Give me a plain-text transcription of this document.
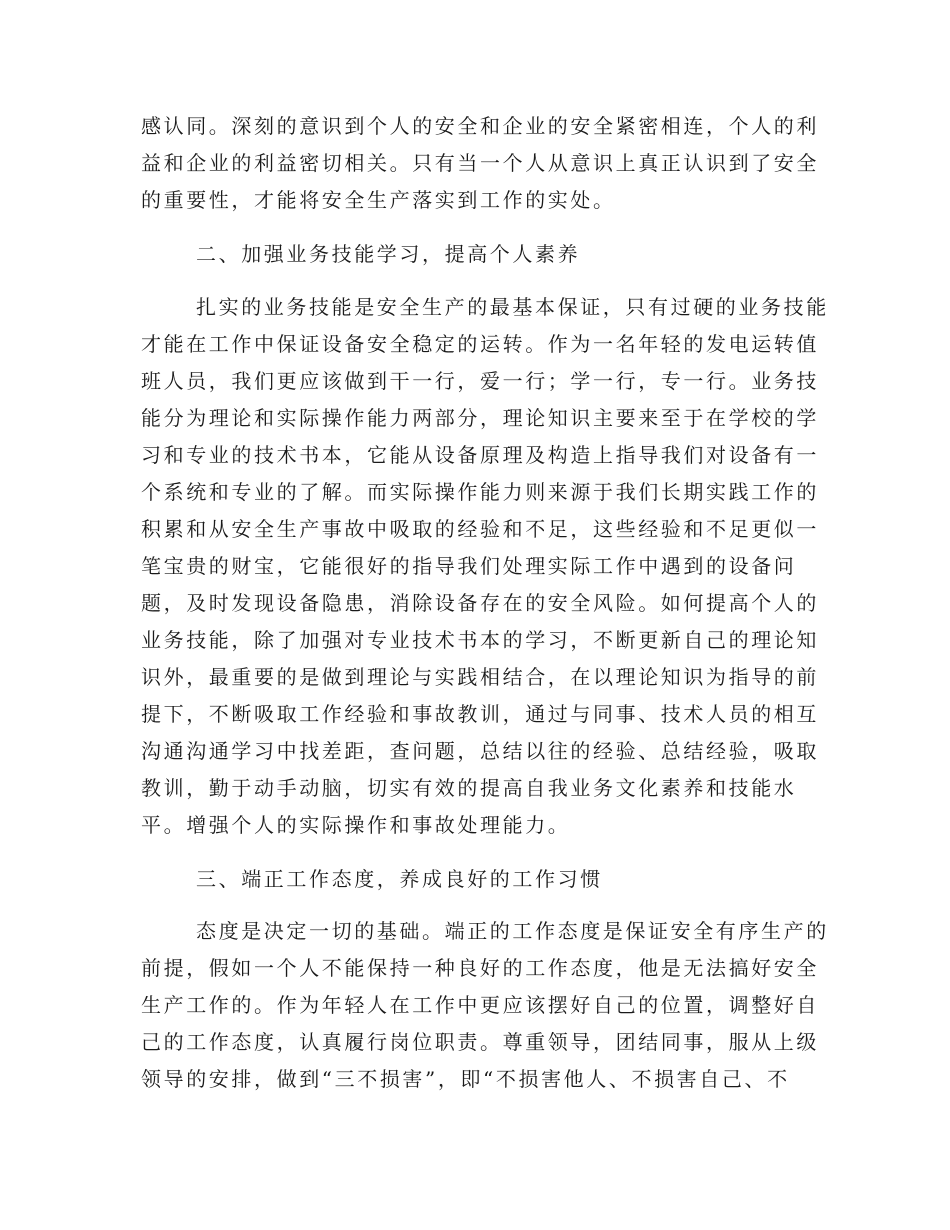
感认同。深刻的意识到个人的安全和企业的安全紧密相连，个人的利
益和企业的利益密切相关。只有当一个人从意识上真正认识到了安全
的重要性，才能将安全生产落实到工作的实处。
二、加强业务技能学习，提高个人素养
扎实的业务技能是安全生产的最基本保证，只有过硬的业务技能
才能在工作中保证设备安全稳定的运转。作为一名年轻的发电运转值
班人员，我们更应该做到干一行，爱一行；学一行，专一行。业务技
能分为理论和实际操作能力两部分，理论知识主要来至于在学校的学
习和专业的技术书本，它能从设备原理及构造上指导我们对设备有一
个系统和专业的了解。而实际操作能力则来源于我们长期实践工作的
积累和从安全生产事故中吸取的经验和不足，这些经验和不足更似一
笔宝贵的财宝，它能很好的指导我们处理实际工作中遇到的设备问
题，及时发现设备隐患，消除设备存在的安全风险。如何提高个人的
业务技能，除了加强对专业技术书本的学习，不断更新自己的理论知
识外，最重要的是做到理论与实践相结合，在以理论知识为指导的前
提下，不断吸取工作经验和事故教训，通过与同事、技术人员的相互
沟通沟通学习中找差距，查问题，总结以往的经验、总结经验，吸取
教训，勤于动手动脑，切实有效的提高自我业务文化素养和技能水
平。增强个人的实际操作和事故处理能力。
三、端正工作态度，养成良好的工作习惯
态度是决定一切的基础。端正的工作态度是保证安全有序生产的
前提，假如一个人不能保持一种良好的工作态度，他是无法搞好安全
生产工作的。作为年轻人在工作中更应该摆好自己的位置，调整好自
己的工作态度，认真履行岗位职责。尊重领导，团结同事，服从上级
领导的安排，做到“三不损害”，即“不损害他人、不损害自己、不
